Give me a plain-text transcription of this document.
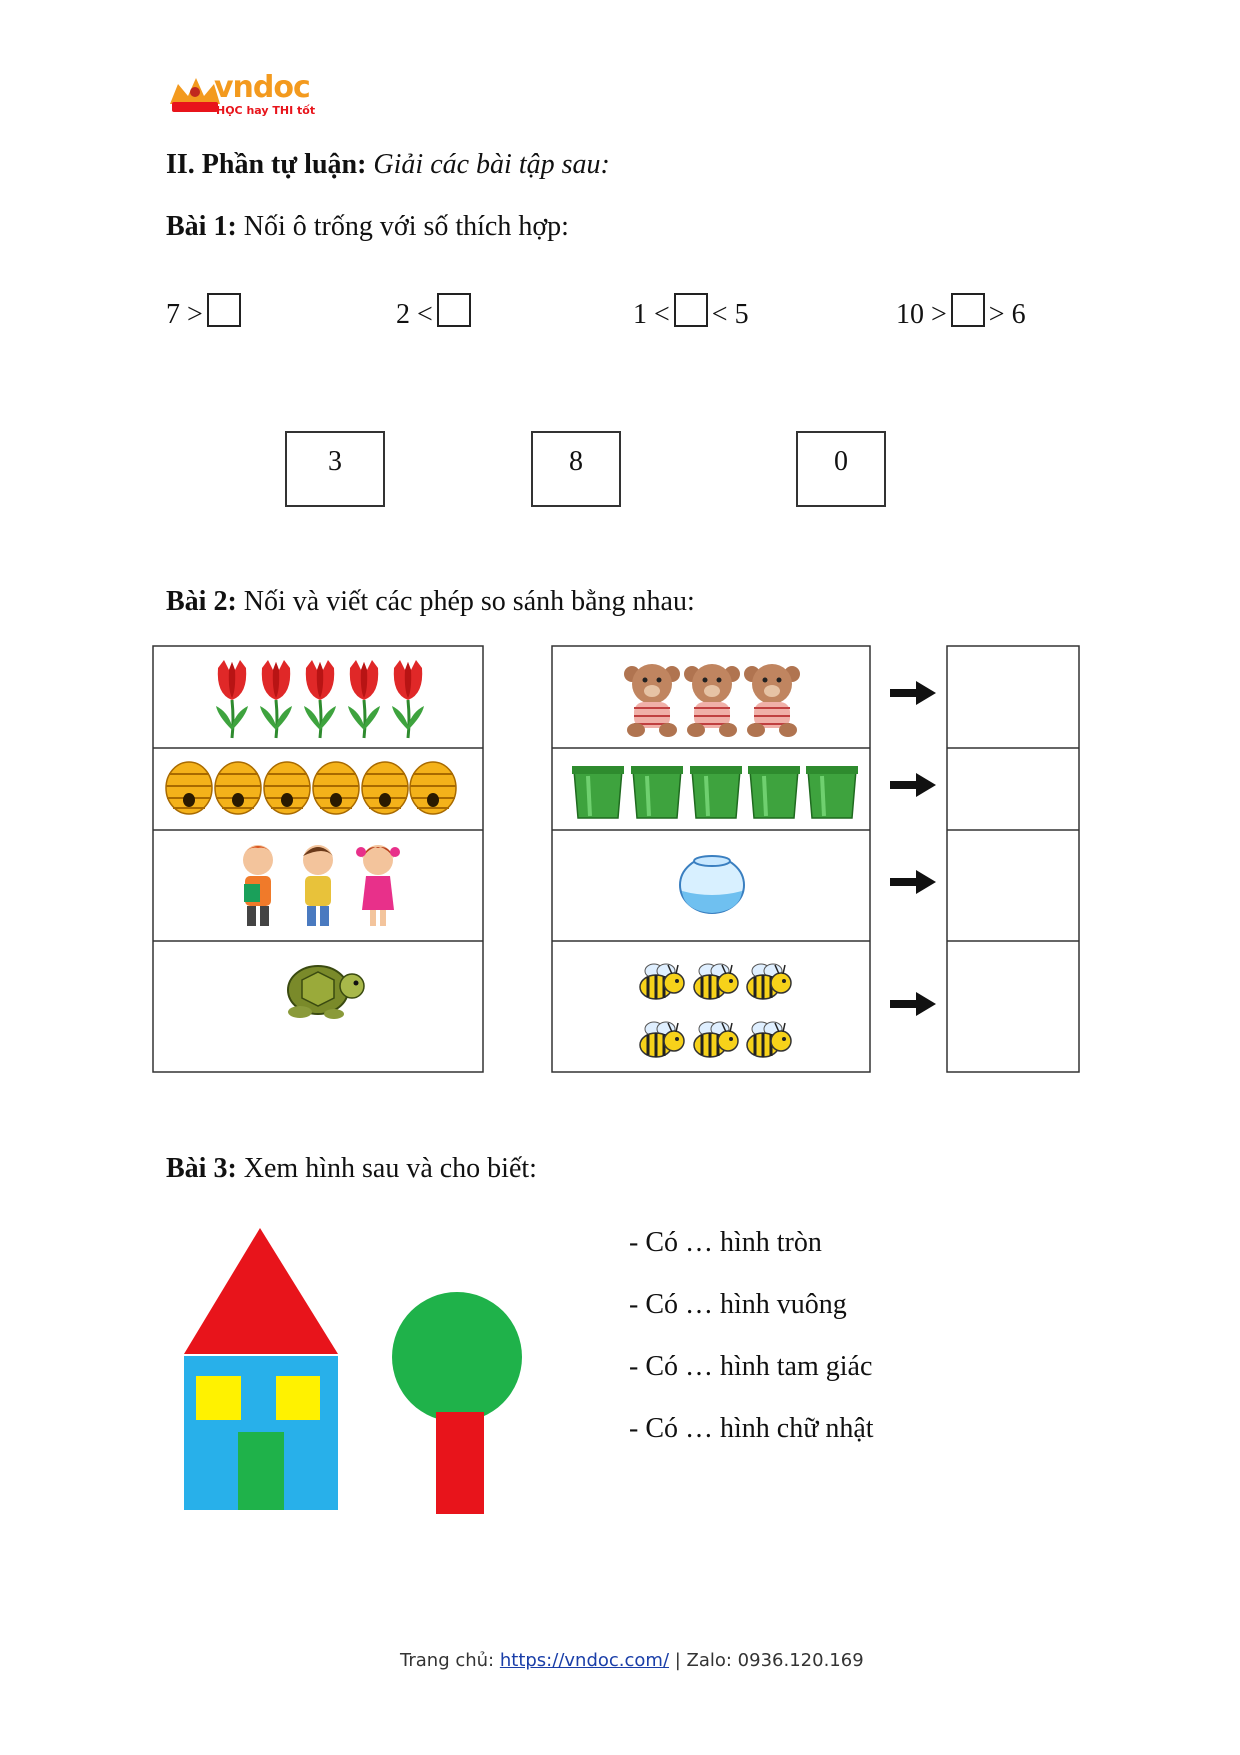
vndoc
HỌC hay THI tốt
II. Phần tự luận: Giải các bài tập sau:
Bài 1: Nối ô trống với số thích hợp:
7 >	2 <	1 < < 5	10 > > 6
3	8	0
Bài 2: Nối và viết các phép so sánh bằng nhau:
Bài 3: Xem hình sau và cho biết:
- Có … hình tròn
- Có … hình vuông
- Có … hình tam giác
- Có … hình chữ nhật
Trang chủ: https://vndoc.com/ | Zalo: 0936.120.169
